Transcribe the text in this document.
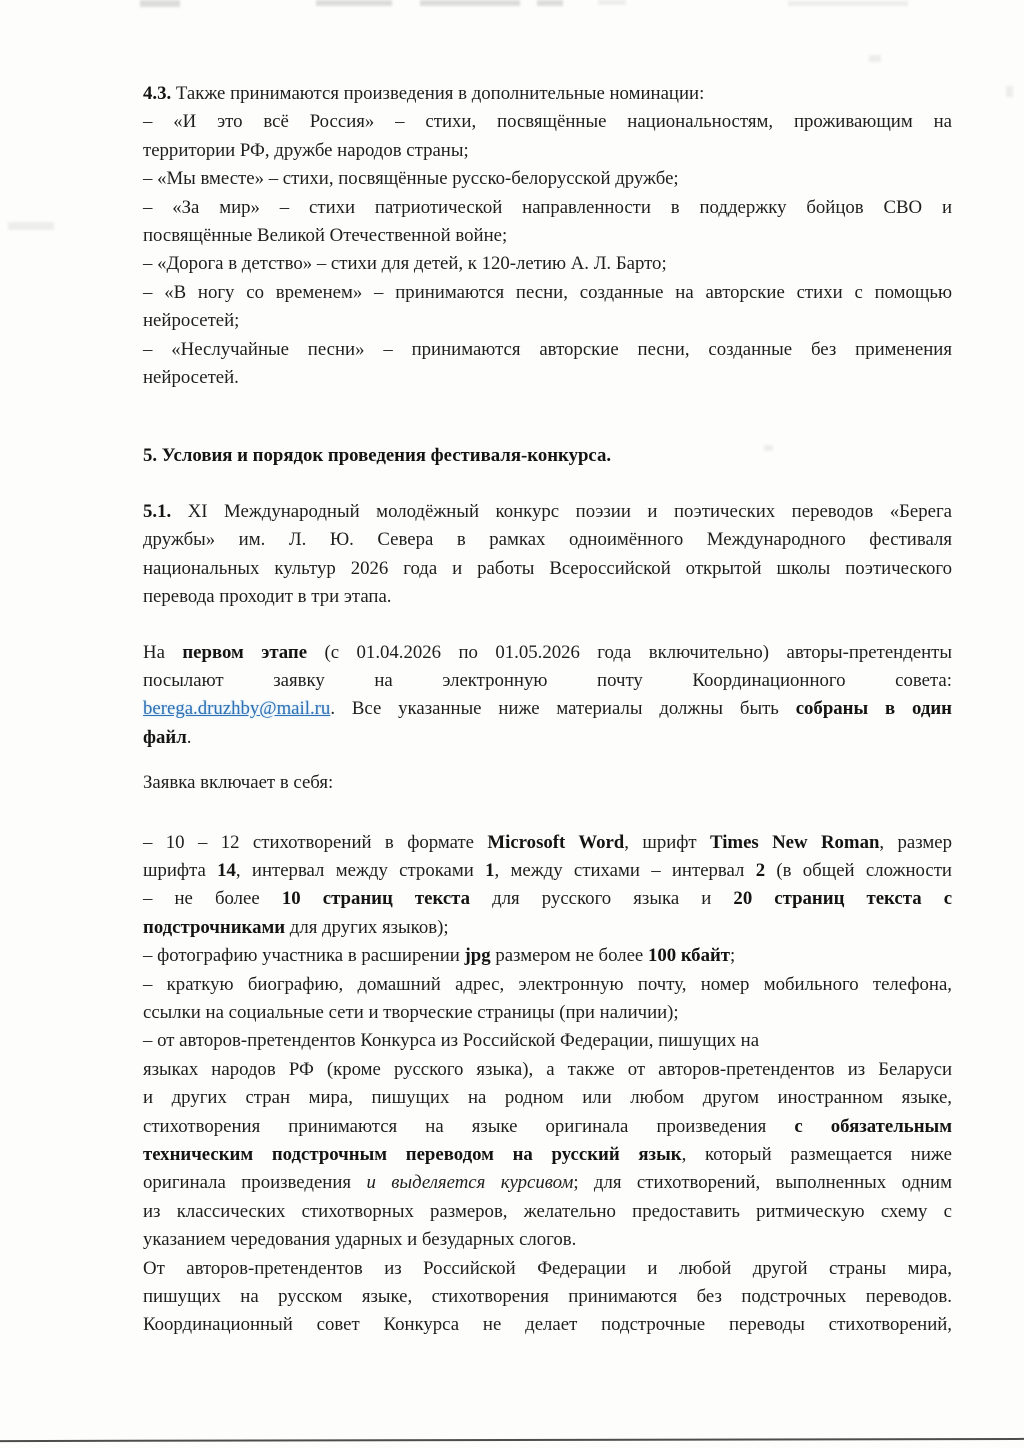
4.3. Также принимаются произведения в дополнительные номинации:
– «И это всё Россия» – стихи, посвящённые национальностям, проживающим на
территории РФ, дружбе народов страны;
– «Мы вместе» – стихи, посвящённые русско-белорусской дружбе;
– «За мир» – стихи патриотической направленности в поддержку бойцов СВО и
посвящённые Великой Отечественной войне;
– «Дорога в детство» – стихи для детей, к 120-летию А. Л. Барто;
– «В ногу со временем» – принимаются песни, созданные на авторские стихи с помощью
нейросетей;
– «Неслучайные песни» – принимаются авторские песни, созданные без применения
нейросетей.
5. Условия и порядок проведения фестиваля-конкурса.
5.1. XI Международный молодёжный конкурс поэзии и поэтических переводов «Берега
дружбы» им. Л. Ю. Севера в рамках одноимённого Международного фестиваля
национальных культур 2026 года и работы Всероссийской открытой школы поэтического
перевода проходит в три этапа.
На первом этапе (с 01.04.2026 по 01.05.2026 года включительно) авторы-претенденты
посылают заявку на электронную почту Координационного совета:
berega.druzhby@mail.ru. Все указанные ниже материалы должны быть собраны в один
файл.
Заявка включает в себя:
– 10 – 12 стихотворений в формате Microsoft Word, шрифт Times New Roman, размер
шрифта 14, интервал между строками 1, между стихами – интервал 2 (в общей сложности
– не более 10 страниц текста для русского языка и 20 страниц текста с
подстрочниками для других языков);
– фотографию участника в расширении jpg размером не более 100 кбайт;
– краткую биографию, домашний адрес, электронную почту, номер мобильного телефона,
ссылки на социальные сети и творческие страницы (при наличии);
– от авторов-претендентов Конкурса из Российской Федерации, пишущих на
языках народов РФ (кроме русского языка), а также от авторов-претендентов из Беларуси
и других стран мира, пишущих на родном или любом другом иностранном языке,
стихотворения принимаются на языке оригинала произведения с обязательным
техническим подстрочным переводом на русский язык, который размещается ниже
оригинала произведения и выделяется курсивом; для стихотворений, выполненных одним
из классических стихотворных размеров, желательно предоставить ритмическую схему с
указанием чередования ударных и безударных слогов.
От авторов-претендентов из Российской Федерации и любой другой страны мира,
пишущих на русском языке, стихотворения принимаются без подстрочных переводов.
Координационный совет Конкурса не делает подстрочные переводы стихотворений,
